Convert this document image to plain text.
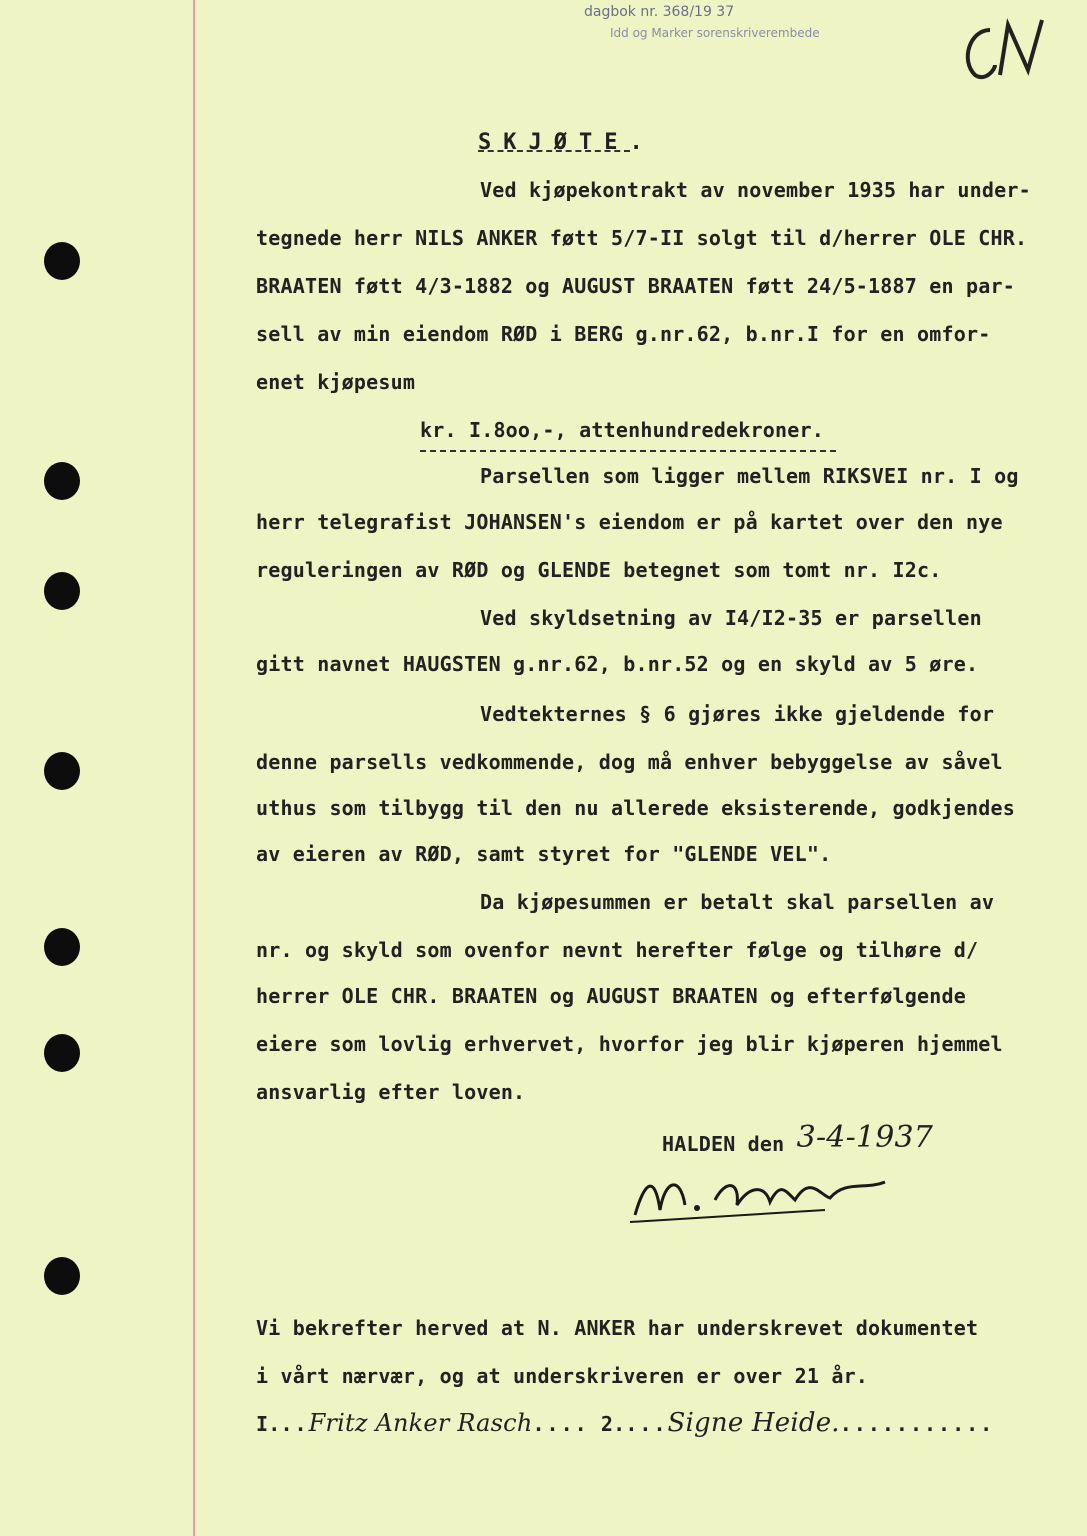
dagbok nr. 368/19 37
Idd og Marker sorenskriverembede
SKJØTE.
Ved kjøpekontrakt av november 1935 har under-
tegnede herr NILS ANKER føtt 5/7-II solgt til d/herrer OLE CHR.
BRAATEN føtt 4/3-1882 og AUGUST BRAATEN føtt 24/5-1887 en par-
sell av min eiendom RØD i BERG g.nr.62, b.nr.I for en omfor-
enet kjøpesum
kr. I.8oo,-, attenhundredekroner.
Parsellen som ligger mellem RIKSVEI nr. I og
herr telegrafist JOHANSEN's eiendom er på kartet over den nye
reguleringen av RØD og GLENDE betegnet som tomt nr. I2c.
Ved skyldsetning av I4/I2-35 er parsellen
gitt navnet HAUGSTEN g.nr.62, b.nr.52 og en skyld av 5 øre.
Vedtekternes § 6 gjøres ikke gjeldende for
denne parsells vedkommende, dog må enhver bebyggelse av såvel
uthus som tilbygg til den nu allerede eksisterende, godkjendes
av eieren av RØD, samt styret for "GLENDE VEL".
Da kjøpesummen er betalt skal parsellen av
nr. og skyld som ovenfor nevnt herefter følge og tilhøre d/
herrer OLE CHR. BRAATEN og AUGUST BRAATEN og efterfølgende
eiere som lovlig erhvervet, hvorfor jeg blir kjøperen hjemmel
ansvarlig efter loven.
HALDEN den 3-4-1937
Vi bekrefter herved at N. ANKER har underskrevet dokumentet
i vårt nærvær, og at underskriveren er over 21 år.
I...Fritz Anker Rasch.... 2....Signe Heide............
